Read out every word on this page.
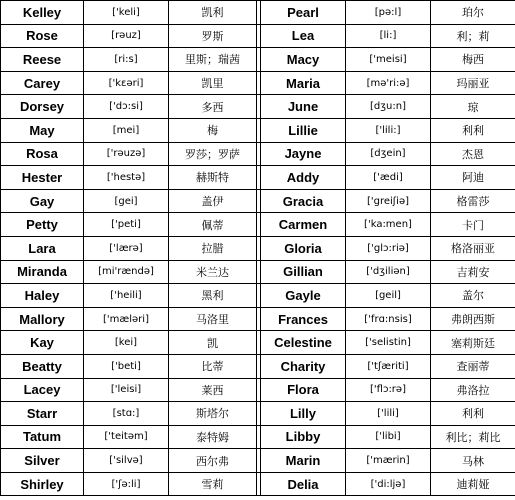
Kelley	['keli]	凯利		Pearl	[pə:l]	珀尔
Rose	[rəuz]	罗斯		Lea	[li:]	利；莉
Reese	[ri:s]	里斯；瑞茜		Macy	['meisi]	梅西
Carey	['kɛəri]	凯里		Maria	[mə'ri:ə]	玛丽亚
Dorsey	['dɔ:si]	多西		June	[dʒu:n]	琼
May	[mei]	梅		Lillie	['lili:]	利利
Rosa	['rəuzə]	罗莎；罗萨		Jayne	[dʒein]	杰恩
Hester	['hestə]	赫斯特		Addy	['ædi]	阿迪
Gay	[gei]	盖伊		Gracia	['greiʃiə]	格雷莎
Petty	['peti]	佩蒂		Carmen	['ka:men]	卡门
Lara	['lærə]	拉腊		Gloria	['glɔ:riə]	格洛丽亚
Miranda	[mi'rændə]	米兰达		Gillian	['dʒiliən]	吉莉安
Haley	['heili]	黑利		Gayle	[geil]	盖尔
Mallory	['mæləri]	马洛里		Frances	['frɑ:nsis]	弗朗西斯
Kay	[kei]	凯		Celestine	['selistin]	塞莉斯廷
Beatty	['beti]	比蒂		Charity	['tʃæriti]	查丽蒂
Lacey	['leisi]	莱西		Flora	['flɔ:rə]	弗洛拉
Starr	[stɑ:]	斯塔尔		Lilly	['lili]	利利
Tatum	['teitəm]	泰特姆		Libby	['libi]	利比；莉比
Silver	['silvə]	西尔弗		Marin	['mærin]	马林
Shirley	['ʃə:li]	雪莉		Delia	['di:ljə]	迪莉娅
